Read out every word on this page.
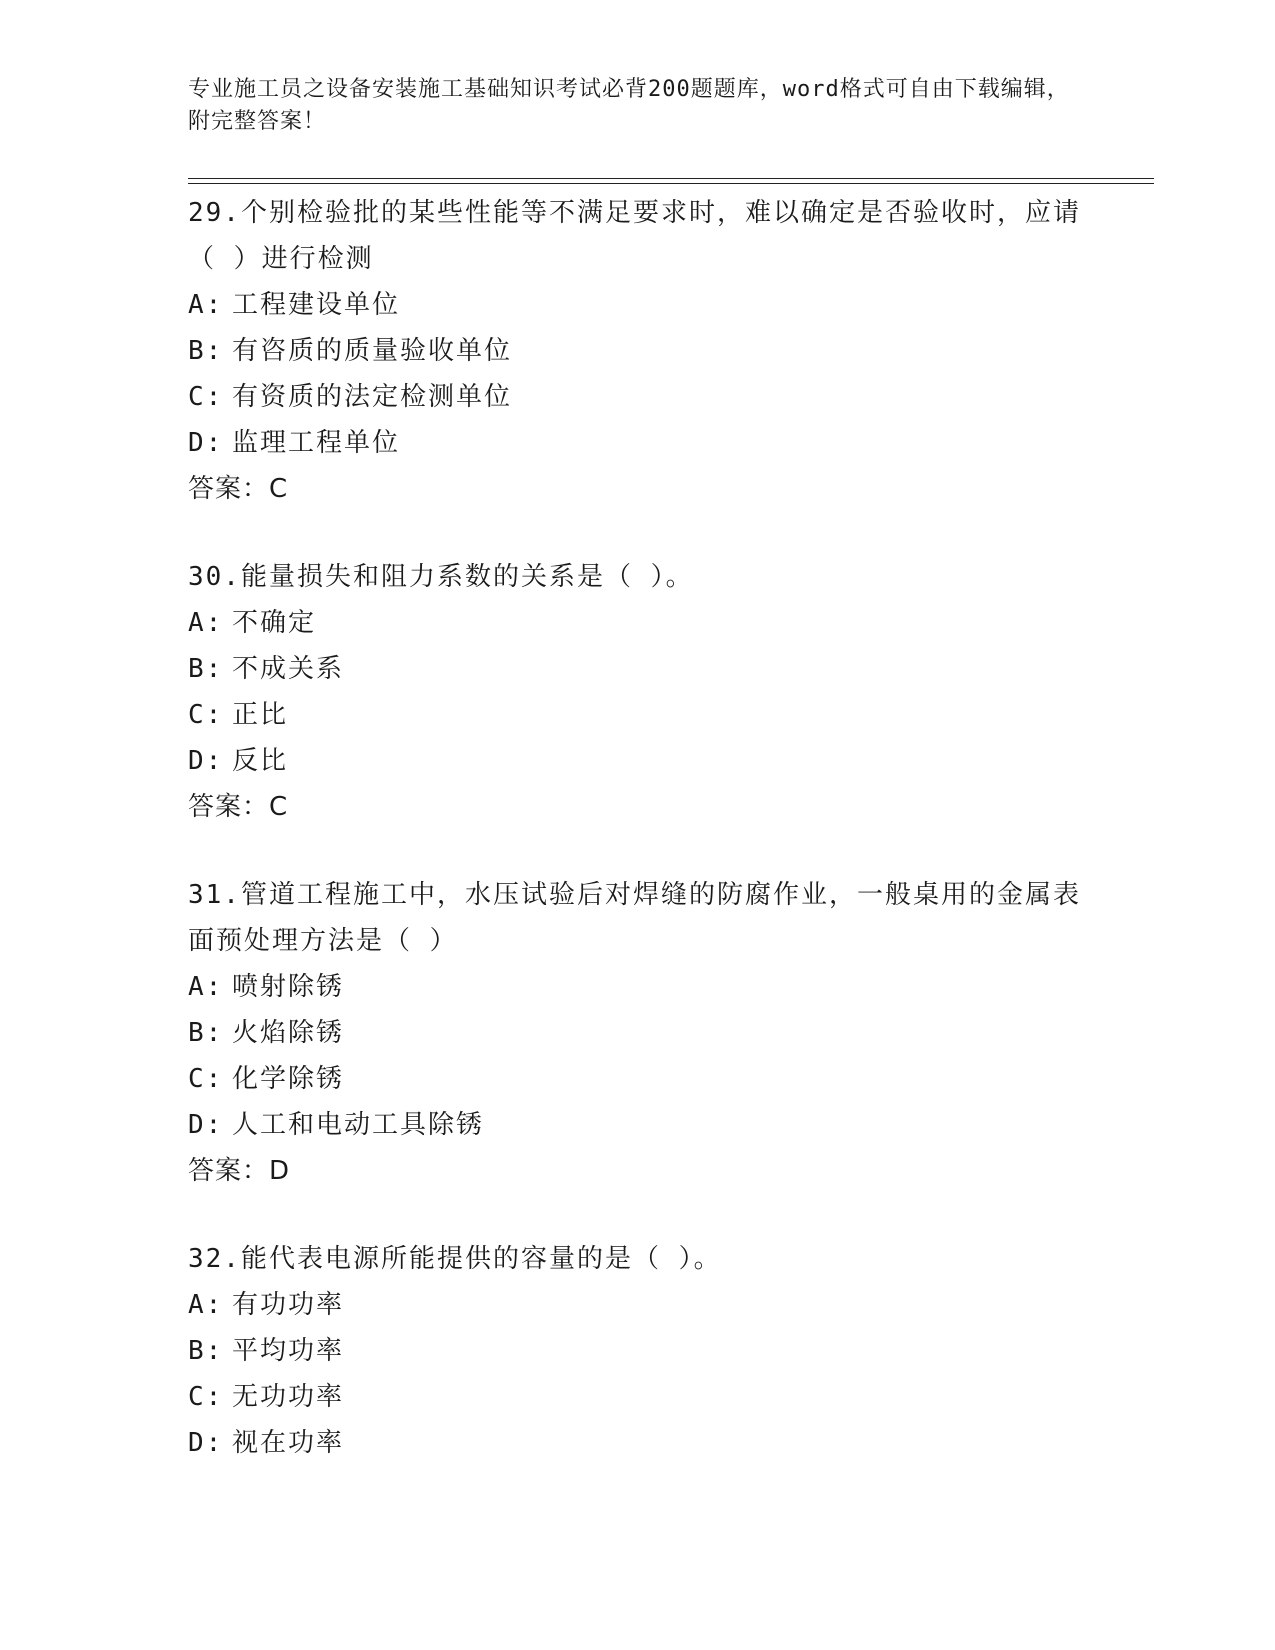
专业施工员之设备安装施工基础知识考试必背200题题库，word格式可自由下载编辑，附完整答案！
29.个别检验批的某些性能等不满足要求时，难以确定是否验收时，应请（ ）进行检测
A: 工程建设单位
B: 有咨质的质量验收单位
C: 有资质的法定检测单位
D: 监理工程单位
答案：C
30.能量损失和阻力系数的关系是（ ）。
A: 不确定
B: 不成关系
C: 正比
D: 反比
答案：C
31.管道工程施工中，水压试验后对焊缝的防腐作业，一般桌用的金属表面预处理方法是（ ）
A: 喷射除锈
B: 火焰除锈
C: 化学除锈
D: 人工和电动工具除锈
答案：D
32.能代表电源所能提供的容量的是（ ）。
A: 有功功率
B: 平均功率
C: 无功功率
D: 视在功率
